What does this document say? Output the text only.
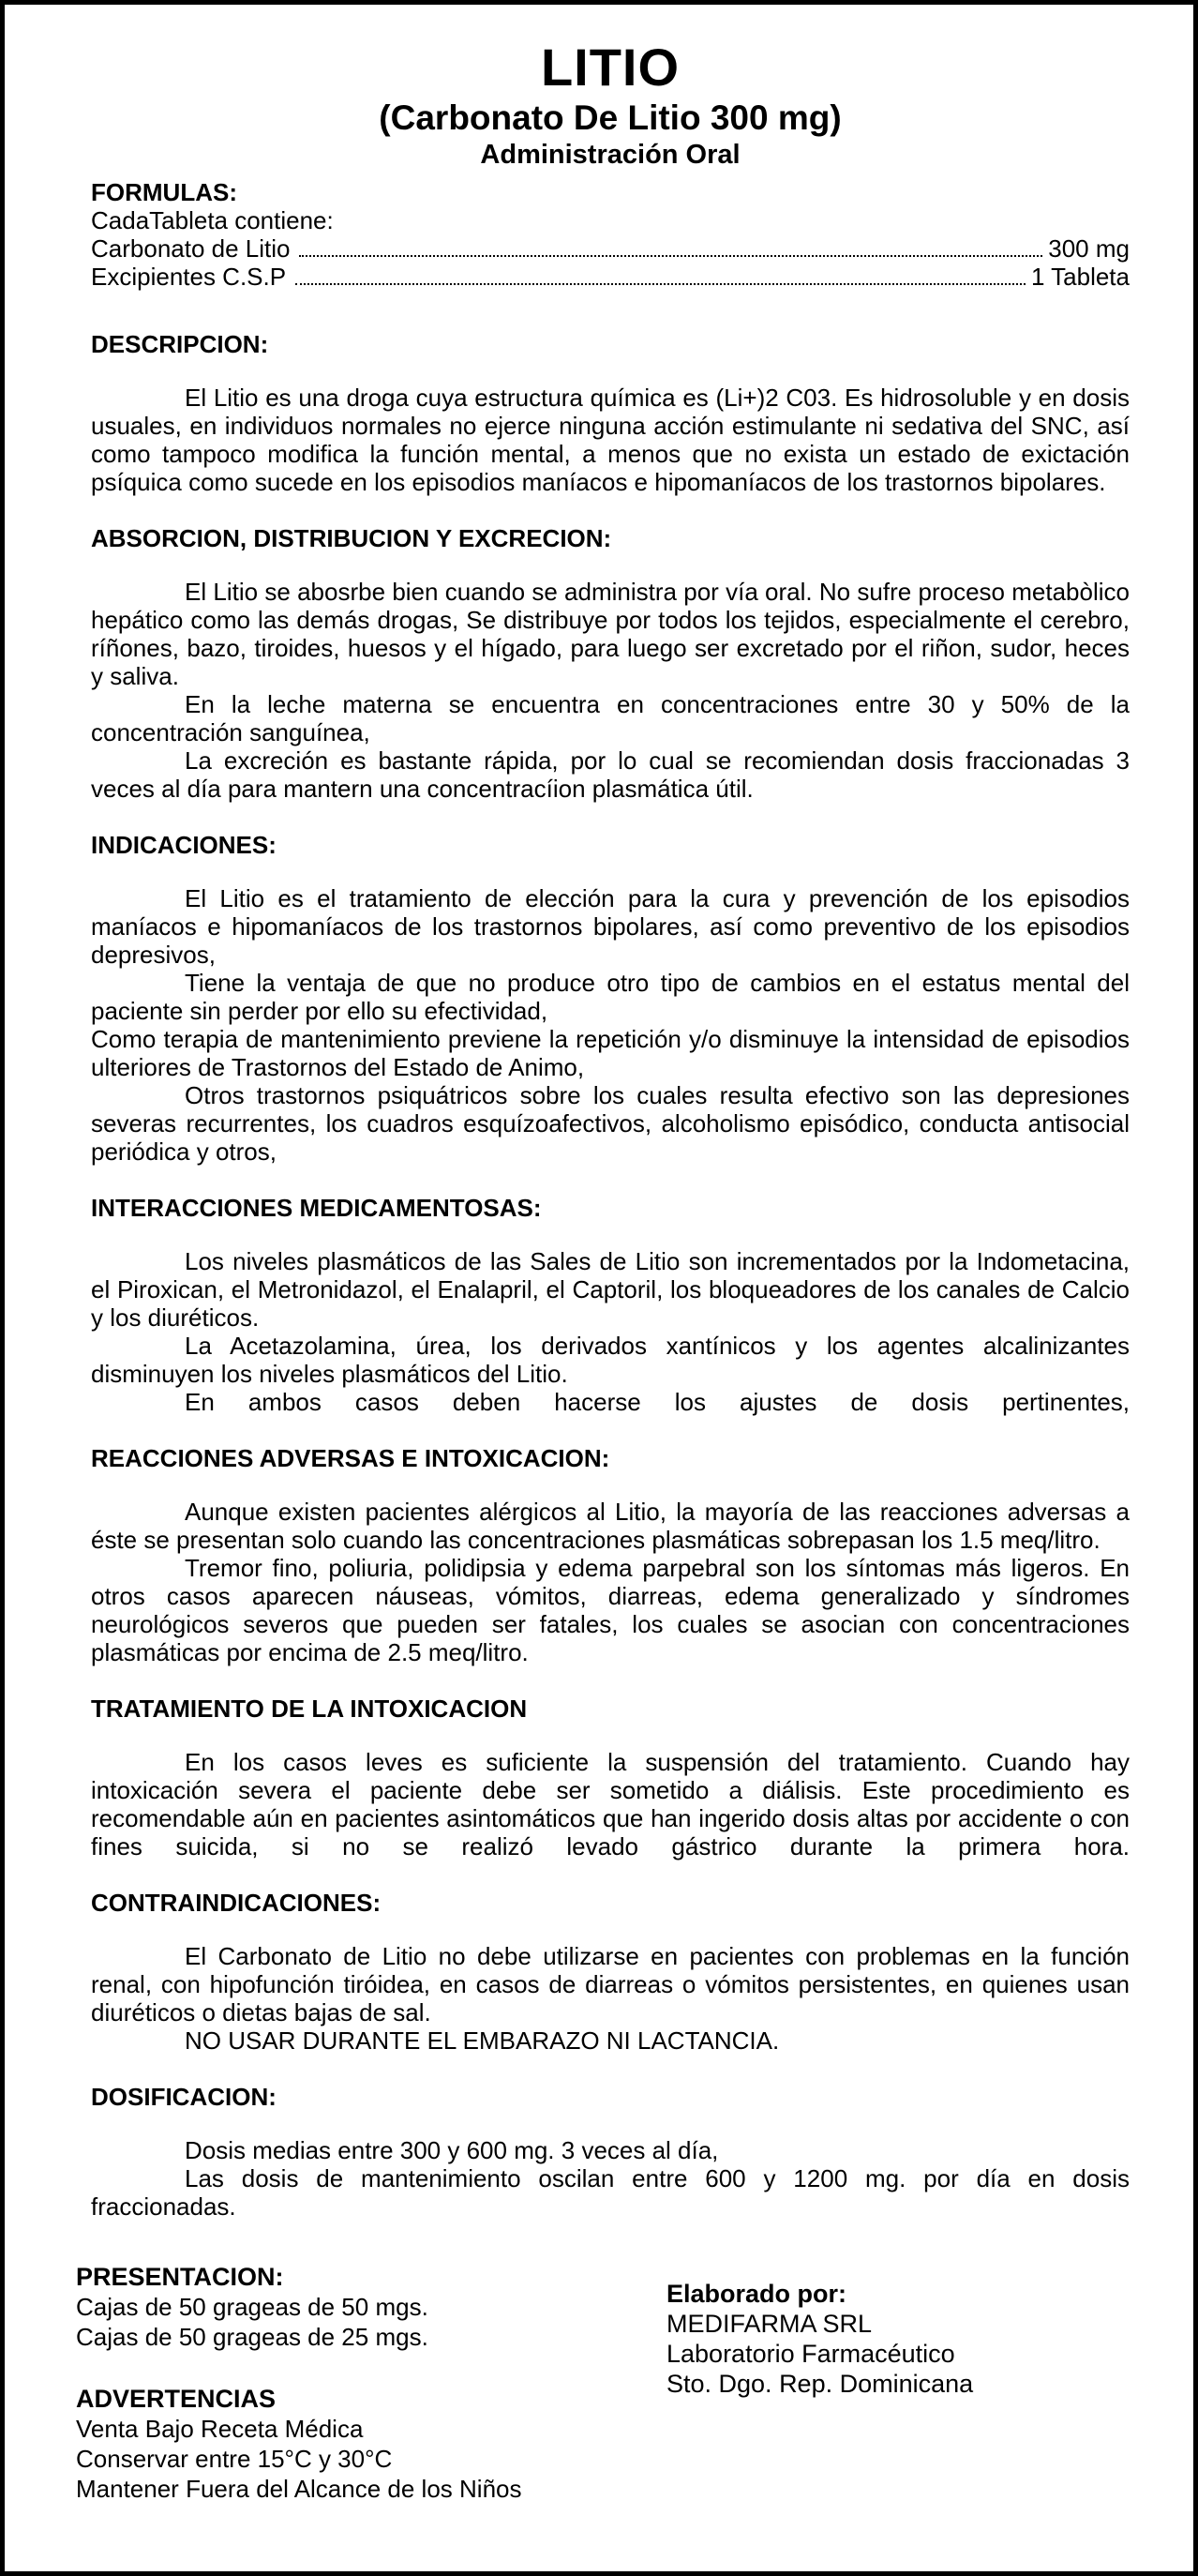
LITIO
(Carbonato De Litio 300 mg)
Administración Oral
FORMULAS:

CadaTableta contiene:

Carbonato de Litio	300 mg
Excipientes C.S.P	1 Tableta
DESCRIPCION:

El Litio es una droga cuya estructura química es (Li+)2 C03. Es hidrosoluble y en dosis usuales, en individuos normales no ejerce ninguna acción estimulante ni sedativa del SNC, así como tampoco modifica la función mental, a menos que no exista un estado de exictación psíquica como sucede en los episodios maníacos e hipomaníacos de los trastornos bipolares.

ABSORCION, DISTRIBUCION Y EXCRECION:

El Litio se abosrbe bien cuando se administra por vía oral. No sufre proceso metabòlico hepático como las demás drogas, Se distribuye por todos los tejidos, especialmente el cerebro, ríñones, bazo, tiroides, huesos y el hígado, para luego ser excretado por el riñon, sudor, heces y saliva.

En la leche materna se encuentra en concentraciones entre 30 y 50% de la concentración sanguínea,

La excreción es bastante rápida, por lo cual se recomiendan dosis fraccionadas 3 veces al día para mantern una concentracíion plasmática útil.

INDICACIONES:

El Litio es el tratamiento de elección para la cura y prevención de los episodios maníacos e hipomaníacos de los trastornos bipolares, así como preventivo de los episodios depresivos,

Tiene la ventaja de que no produce otro tipo de cambios en el estatus mental del paciente sin perder por ello su efectividad,

Como terapia de mantenimiento previene la repetición y/o disminuye la intensidad de episodios ulteriores de Trastornos del Estado de Animo,

Otros trastornos psiquátricos sobre los cuales resulta efectivo son las depresiones severas recurrentes, los cuadros esquízoafectivos, alcoholismo episódico, conducta antisocial periódica y otros,

INTERACCIONES MEDICAMENTOSAS:

Los niveles plasmáticos de las Sales de Litio son incrementados por la Indometacina, el Piroxican, el Metronidazol, el Enalapril, el Captoril, los bloqueadores de los canales de Calcio y los diuréticos.

La Acetazolamina, úrea, los derivados xantínicos y los agentes alcalinizantes disminuyen los niveles plasmáticos del Litio.

En ambos casos deben hacerse los ajustes de dosis pertinentes,

REACCIONES ADVERSAS E INTOXICACION:

Aunque existen pacientes alérgicos al Litio, la mayoría de las reacciones adversas a éste se presentan solo cuando las concentraciones plasmáticas sobrepasan los 1.5 meq/litro.

Tremor fino, poliuria, polidipsia y edema parpebral son los síntomas más ligeros. En otros casos aparecen náuseas, vómitos, diarreas, edema generalizado y síndromes neurológicos severos que pueden ser fatales, los cuales se asocian con concentraciones plasmáticas por encima de 2.5 meq/litro.

TRATAMIENTO DE LA INTOXICACION

En los casos leves es suficiente la suspensión del tratamiento. Cuando hay intoxicación severa el paciente debe ser sometido a diálisis. Este procedimiento es recomendable aún en pacientes asintomáticos que han ingerido dosis altas por accidente o con fines suicida, si no se realizó levado gástrico durante la primera hora.

CONTRAINDICACIONES:

El Carbonato de Litio no debe utilizarse en pacientes con problemas en la función renal, con hipofunción tiróidea, en casos de diarreas o vómitos persistentes, en quienes usan diuréticos o dietas bajas de sal.

NO USAR DURANTE EL EMBARAZO NI LACTANCIA.

DOSIFICACION:

Dosis medias entre 300 y 600 mg. 3 veces al día,

Las dosis de mantenimiento oscilan entre 600 y 1200 mg. por día en dosis fraccionadas.

PRESENTACION:

Cajas de 50 grageas de 50 mgs.

Cajas de 50 grageas de 25 mgs.

ADVERTENCIAS

Venta Bajo Receta Médica

Conservar entre 15°C y 30°C

Mantener Fuera del Alcance de los Niños

Elaborado por:

MEDIFARMA SRL

Laboratorio Farmacéutico

Sto. Dgo. Rep. Dominicana
